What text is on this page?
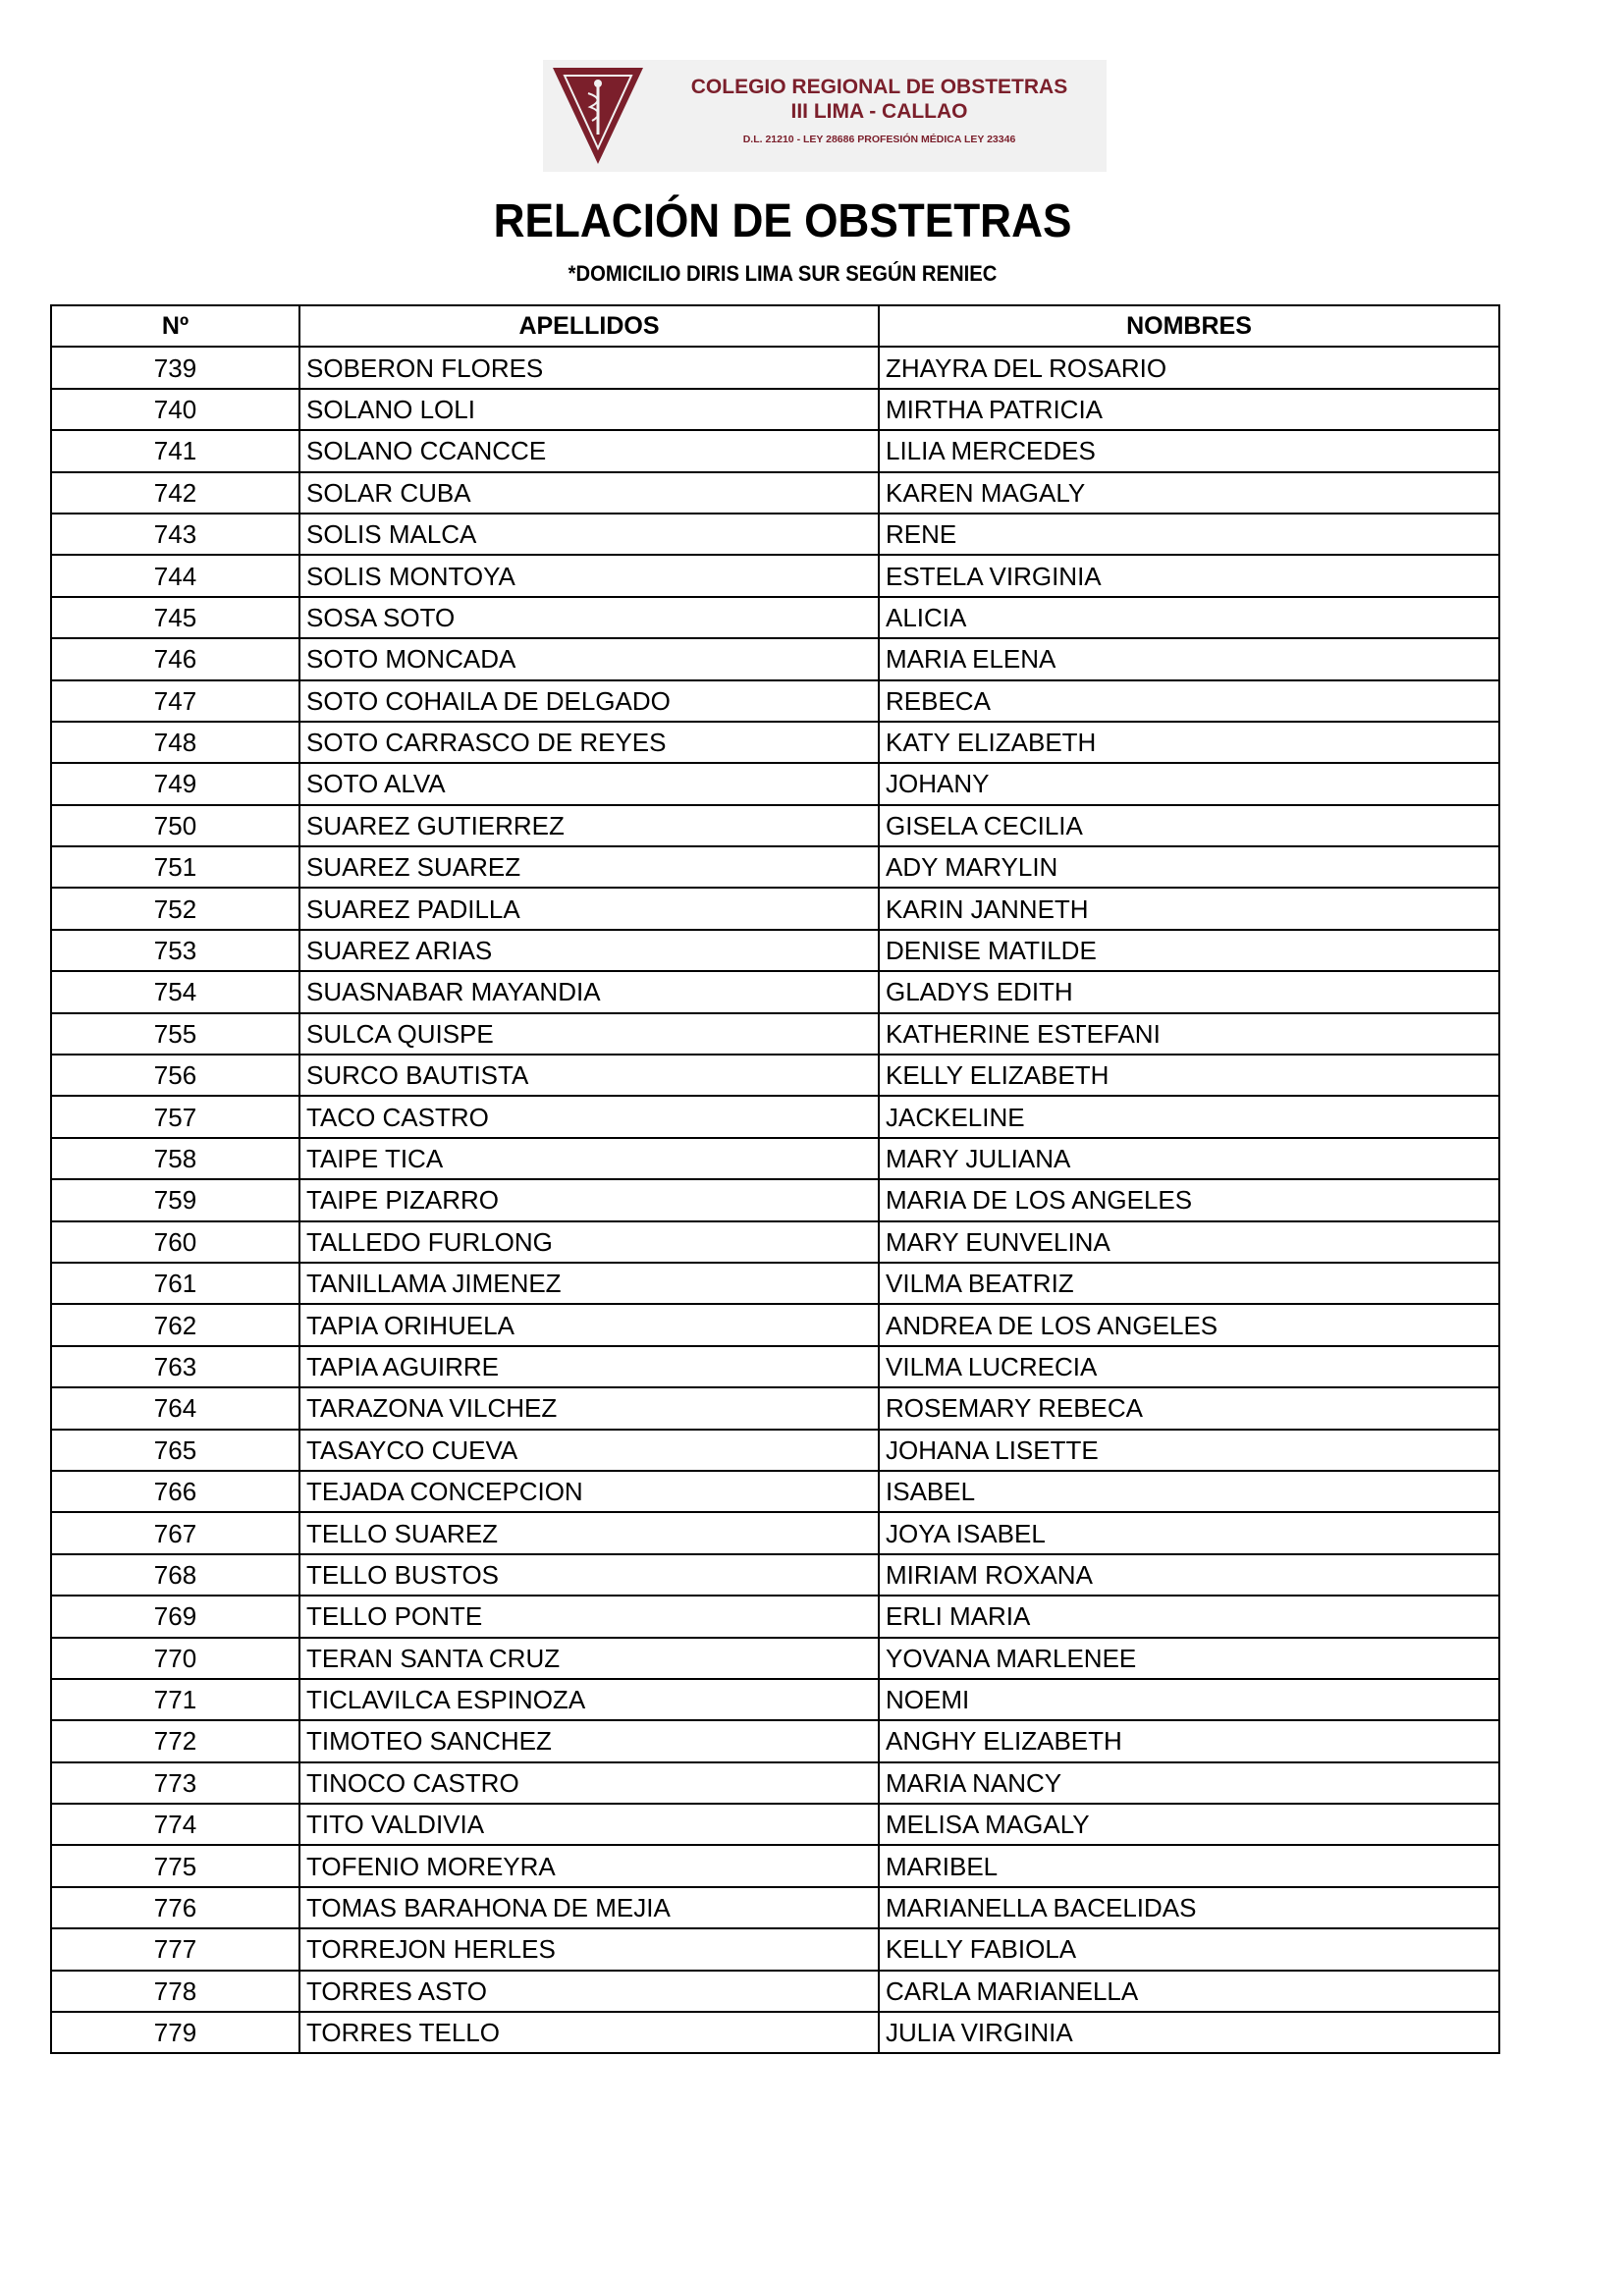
COLEGIO REGIONAL DE OBSTETRAS
III LIMA - CALLAO
D.L. 21210 - LEY 28686 PROFESIÓN MÉDICA LEY 23346
RELACIÓN DE OBSTETRAS
*DOMICILIO DIRIS LIMA SUR SEGÚN RENIEC
Nº	APELLIDOS	NOMBRES
739	SOBERON FLORES	ZHAYRA DEL ROSARIO
740	SOLANO LOLI	MIRTHA PATRICIA
741	SOLANO CCANCCE	LILIA MERCEDES
742	SOLAR CUBA	KAREN MAGALY
743	SOLIS MALCA	RENE
744	SOLIS MONTOYA	ESTELA VIRGINIA
745	SOSA SOTO	ALICIA
746	SOTO MONCADA	MARIA ELENA
747	SOTO COHAILA DE DELGADO	REBECA
748	SOTO CARRASCO DE REYES	KATY ELIZABETH
749	SOTO ALVA	JOHANY
750	SUAREZ GUTIERREZ	GISELA CECILIA
751	SUAREZ SUAREZ	ADY MARYLIN
752	SUAREZ PADILLA	KARIN JANNETH
753	SUAREZ ARIAS	DENISE MATILDE
754	SUASNABAR MAYANDIA	GLADYS EDITH
755	SULCA QUISPE	KATHERINE ESTEFANI
756	SURCO BAUTISTA	KELLY ELIZABETH
757	TACO CASTRO	JACKELINE
758	TAIPE TICA	MARY JULIANA
759	TAIPE PIZARRO	MARIA DE LOS ANGELES
760	TALLEDO FURLONG	MARY EUNVELINA
761	TANILLAMA JIMENEZ	VILMA BEATRIZ
762	TAPIA ORIHUELA	ANDREA DE LOS ANGELES
763	TAPIA AGUIRRE	VILMA LUCRECIA
764	TARAZONA VILCHEZ	ROSEMARY REBECA
765	TASAYCO CUEVA	JOHANA LISETTE
766	TEJADA CONCEPCION	ISABEL
767	TELLO SUAREZ	JOYA ISABEL
768	TELLO BUSTOS	MIRIAM ROXANA
769	TELLO PONTE	ERLI MARIA
770	TERAN SANTA CRUZ	YOVANA MARLENEE
771	TICLAVILCA ESPINOZA	NOEMI
772	TIMOTEO SANCHEZ	ANGHY ELIZABETH
773	TINOCO CASTRO	MARIA NANCY
774	TITO VALDIVIA	MELISA MAGALY
775	TOFENIO MOREYRA	MARIBEL
776	TOMAS BARAHONA DE MEJIA	MARIANELLA BACELIDAS
777	TORREJON HERLES	KELLY FABIOLA
778	TORRES ASTO	CARLA MARIANELLA
779	TORRES TELLO	JULIA VIRGINIA
